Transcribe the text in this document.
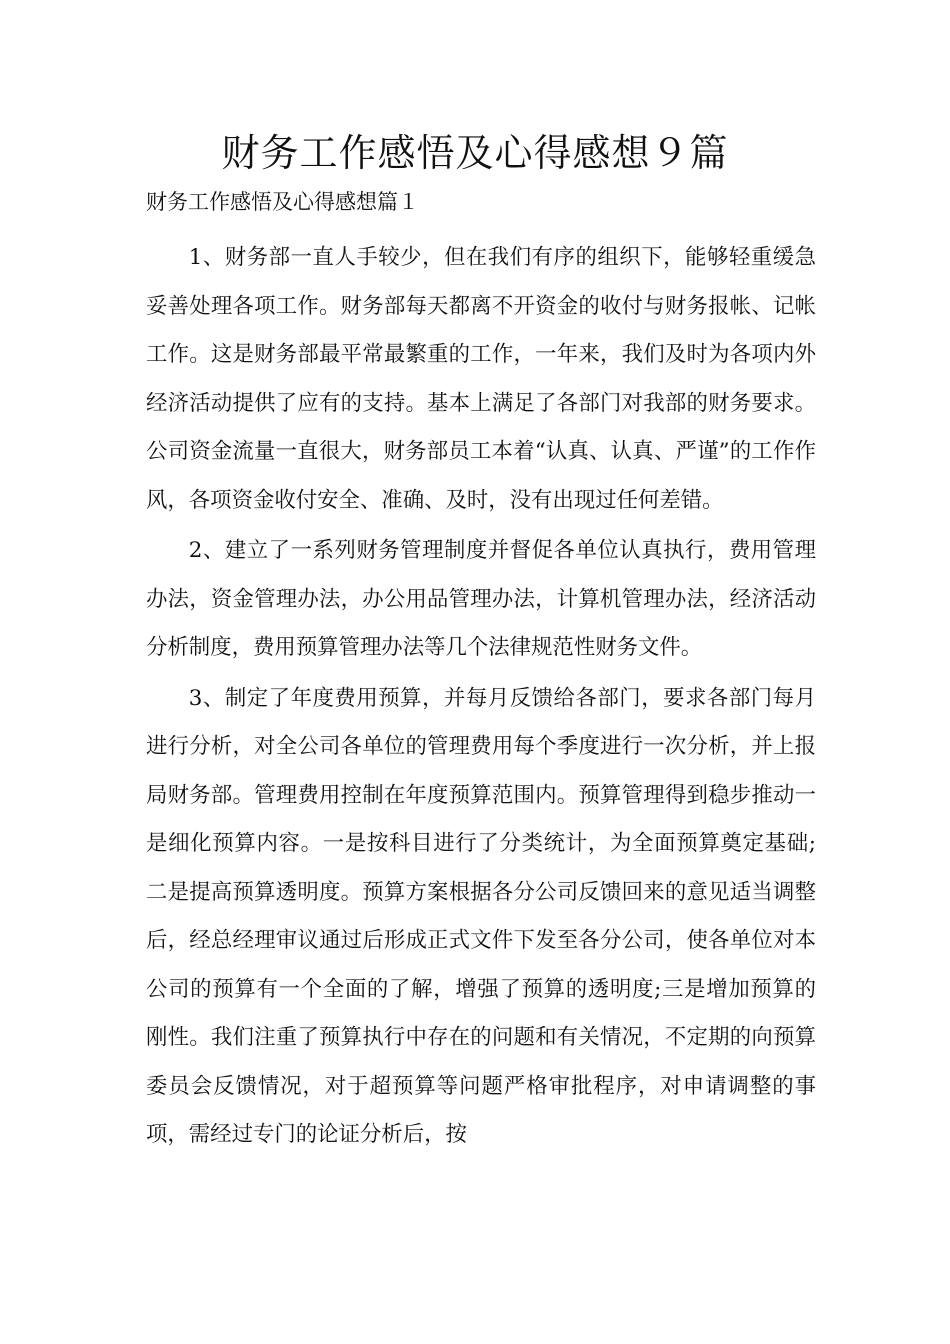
财务工作感悟及心得感想９篇
财务工作感悟及心得感想篇１

1、财务部一直人手较少，但在我们有序的组织下，能够轻重缓急妥善处理各项工作。财务部每天都离不开资金的收付与财务报帐、记帐工作。这是财务部最平常最繁重的工作，一年来，我们及时为各项内外经济活动提供了应有的支持。基本上满足了各部门对我部的财务要求。公司资金流量一直很大，财务部员工本着“认真、认真、严谨”的工作作风，各项资金收付安全、准确、及时，没有出现过任何差错。

2、建立了一系列财务管理制度并督促各单位认真执行，费用管理办法，资金管理办法，办公用品管理办法，计算机管理办法，经济活动分析制度，费用预算管理办法等几个法律规范性财务文件。

3、制定了年度费用预算，并每月反馈给各部门，要求各部门每月进行分析，对全公司各单位的管理费用每个季度进行一次分析，并上报局财务部。管理费用控制在年度预算范围内。预算管理得到稳步推动一是细化预算内容。一是按科目进行了分类统计，为全面预算奠定基础;二是提高预算透明度。预算方案根据各分公司反馈回来的意见适当调整后，经总经理审议通过后形成正式文件下发至各分公司，使各单位对本公司的预算有一个全面的了解，增强了预算的透明度;三是增加预算的刚性。我们注重了预算执行中存在的问题和有关情况，不定期的向预算委员会反馈情况，对于超预算等问题严格审批程序，对申请调整的事项，需经过专门的论证分析后，按
